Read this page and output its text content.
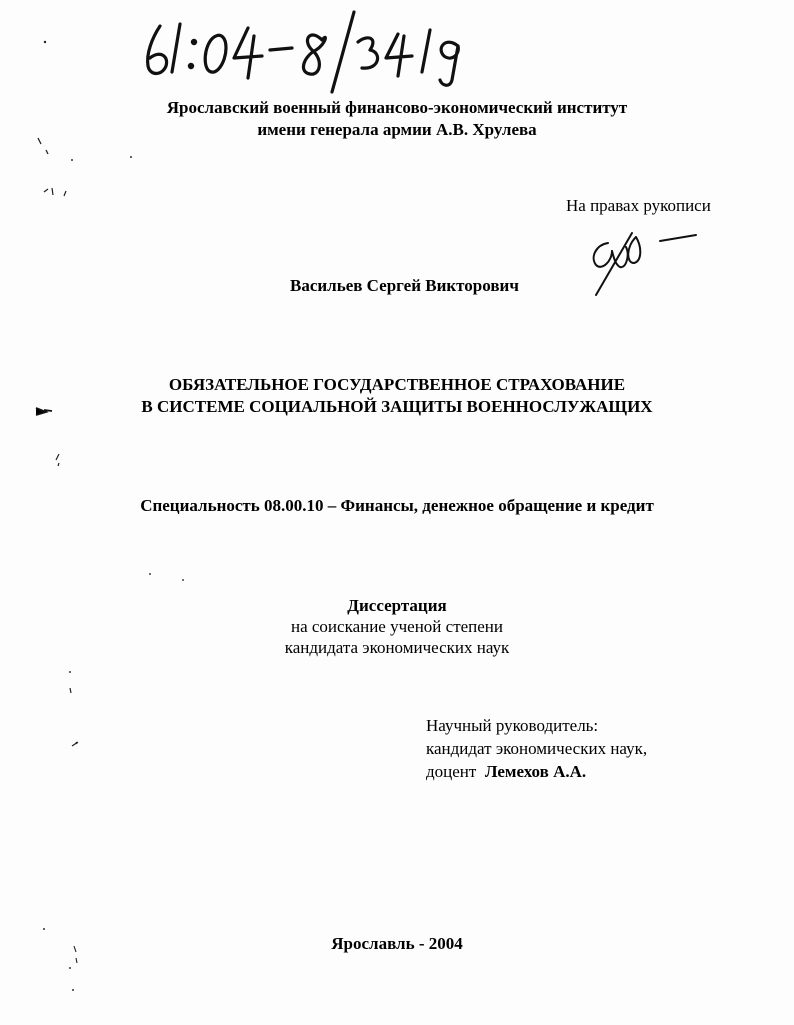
Ярославский военный финансово-экономический институт
имени генерала армии А.В. Хрулева
На правах рукописи
Васильев Сергей Викторович
ОБЯЗАТЕЛЬНОЕ ГОСУДАРСТВЕННОЕ СТРАХОВАНИЕ
В СИСТЕМЕ СОЦИАЛЬНОЙ ЗАЩИТЫ ВОЕННОСЛУЖАЩИХ
Специальность 08.00.10 – Финансы, денежное обращение и кредит
Диссертация
на соискание ученой степени
кандидата экономических наук
Научный руководитель:
кандидат экономических наук,
доцент Лемехов А.А.
Ярославль - 2004
